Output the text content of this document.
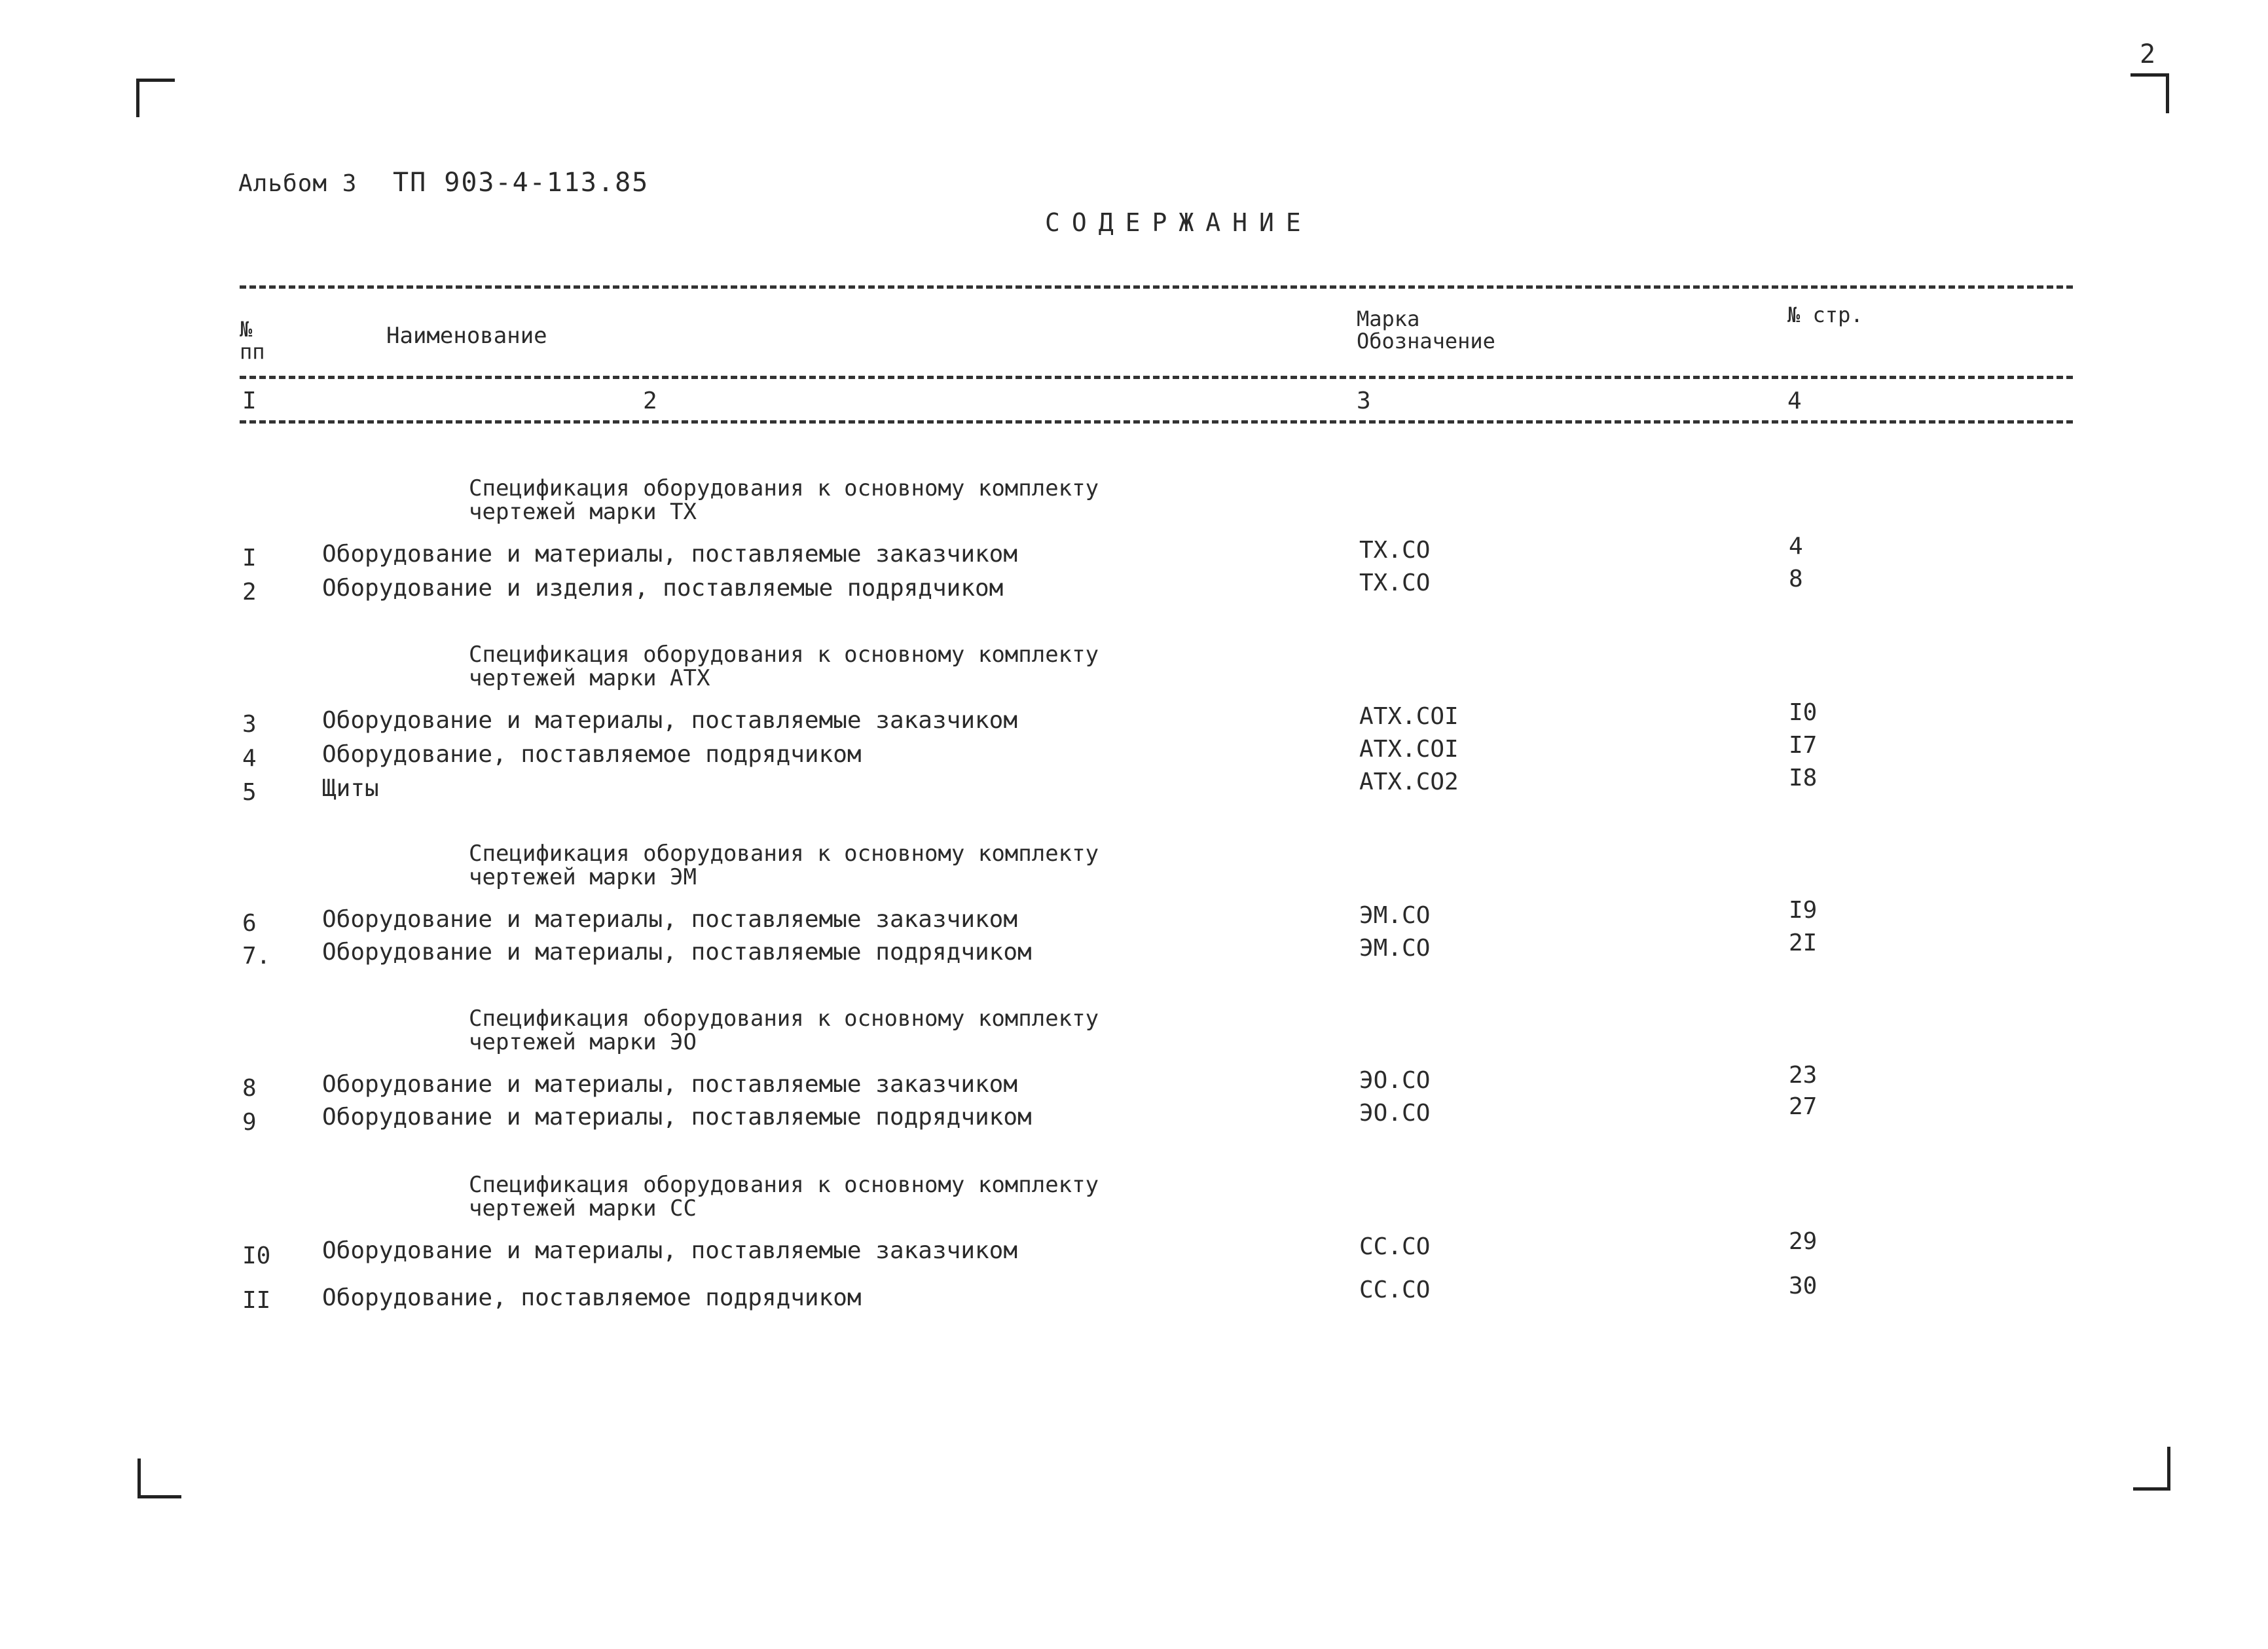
2
Альбом 3 ТП 903-4-113.85
СОДЕРЖАНИЕ
№ пп
Наименование
Марка Обозначение
№ стр.
I	2	3	4
Спецификация оборудования к основному комплекту чертежей марки ТХ
I	Оборудование и материалы, поставляемые заказчиком	ТХ.СО	4
2	Оборудование и изделия, поставляемые подрядчиком	ТХ.СО	8
Спецификация оборудования к основному комплекту чертежей марки АТХ
3	Оборудование и материалы, поставляемые заказчиком	АТХ.СОI	I0
4	Оборудование, поставляемое подрядчиком	АТХ.СОI	I7
5	Щиты	АТХ.СО2	I8
Спецификация оборудования к основному комплекту чертежей марки ЭМ
6	Оборудование и материалы, поставляемые заказчиком	ЭМ.СО	I9
7. Оборудование и материалы, поставляемые подрядчиком	ЭМ.СО	2I
Спецификация оборудования к основному комплекту чертежей марки ЭО
8	Оборудование и материалы, поставляемые заказчиком	ЭО.СО	23
9	Оборудование и материалы, поставляемые подрядчиком	ЭО.СО	27
Спецификация оборудования к основному комплекту чертежей марки СС
I0 Оборудование и материалы, поставляемые заказчиком	СС.СО	29
II Оборудование, поставляемое подрядчиком	СС.СО	30
